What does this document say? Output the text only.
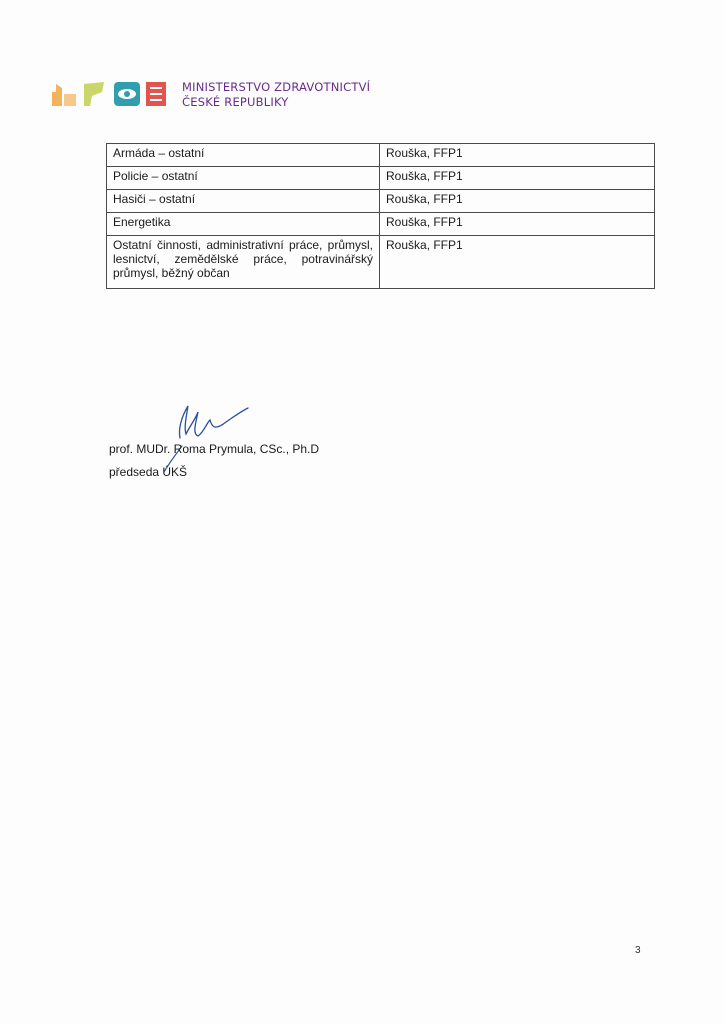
MINISTERSTVO ZDRAVOTNICTVÍ
ČESKÉ REPUBLIKY
Armáda – ostatní	Rouška, FFP1
Policie – ostatní	Rouška, FFP1
Hasiči – ostatní	Rouška, FFP1
Energetika	Rouška, FFP1
Ostatní činnosti, administrativní práce, průmysl, lesnictví, zemědělské práce, potravinářský průmysl, běžný občan	Rouška, FFP1
prof. MUDr. Roma Prymula, CSc., Ph.D
předseda ÚKŠ
3
